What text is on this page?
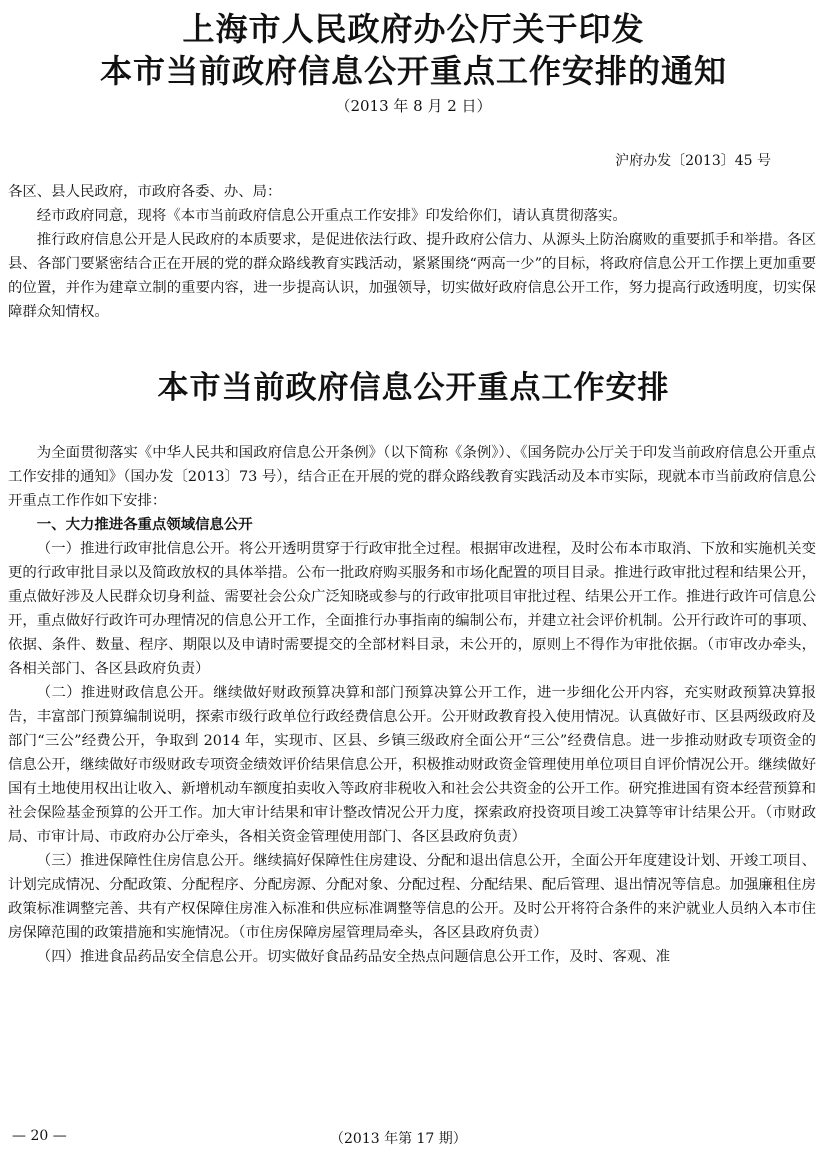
上海市人民政府办公厅关于印发
本市当前政府信息公开重点工作安排的通知
（2013 年 8 月 2 日）
沪府办发〔2013〕45 号

各区、县人民政府，市政府各委、办、局：

经市政府同意，现将《本市当前政府信息公开重点工作安排》印发给你们，请认真贯彻落实。

推行政府信息公开是人民政府的本质要求，是促进依法行政、提升政府公信力、从源头上防治腐败的重要抓手和举措。各区县、各部门要紧密结合正在开展的党的群众路线教育实践活动，紧紧围绕“两高一少”的目标，将政府信息公开工作摆上更加重要的位置，并作为建章立制的重要内容，进一步提高认识，加强领导，切实做好政府信息公开工作，努力提高行政透明度，切实保障群众知情权。

本市当前政府信息公开重点工作安排

为全面贯彻落实《中华人民共和国政府信息公开条例》（以下简称《条例》）、《国务院办公厅关于印发当前政府信息公开重点工作安排的通知》（国办发〔2013〕73 号），结合正在开展的党的群众路线教育实践活动及本市实际，现就本市当前政府信息公开重点工作作如下安排：

一、大力推进各重点领域信息公开

（一）推进行政审批信息公开。将公开透明贯穿于行政审批全过程。根据审改进程，及时公布本市取消、下放和实施机关变更的行政审批目录以及简政放权的具体举措。公布一批政府购买服务和市场化配置的项目目录。推进行政审批过程和结果公开，重点做好涉及人民群众切身利益、需要社会公众广泛知晓或参与的行政审批项目审批过程、结果公开工作。推进行政许可信息公开，重点做好行政许可办理情况的信息公开工作，全面推行办事指南的编制公布，并建立社会评价机制。公开行政许可的事项、依据、条件、数量、程序、期限以及申请时需要提交的全部材料目录，未公开的，原则上不得作为审批依据。（市审改办牵头，各相关部门、各区县政府负责）

（二）推进财政信息公开。继续做好财政预算决算和部门预算决算公开工作，进一步细化公开内容，充实财政预算决算报告，丰富部门预算编制说明，探索市级行政单位行政经费信息公开。公开财政教育投入使用情况。认真做好市、区县两级政府及部门“三公”经费公开，争取到 2014 年，实现市、区县、乡镇三级政府全面公开“三公”经费信息。进一步推动财政专项资金的信息公开，继续做好市级财政专项资金绩效评价结果信息公开，积极推动财政资金管理使用单位项目自评价情况公开。继续做好国有土地使用权出让收入、新增机动车额度拍卖收入等政府非税收入和社会公共资金的公开工作。研究推进国有资本经营预算和社会保险基金预算的公开工作。加大审计结果和审计整改情况公开力度，探索政府投资项目竣工决算等审计结果公开。（市财政局、市审计局、市政府办公厅牵头，各相关资金管理使用部门、各区县政府负责）

（三）推进保障性住房信息公开。继续搞好保障性住房建设、分配和退出信息公开，全面公开年度建设计划、开竣工项目、计划完成情况、分配政策、分配程序、分配房源、分配对象、分配过程、分配结果、配后管理、退出情况等信息。加强廉租住房政策标准调整完善、共有产权保障住房准入标准和供应标准调整等信息的公开。及时公开将符合条件的来沪就业人员纳入本市住房保障范围的政策措施和实施情况。（市住房保障房屋管理局牵头，各区县政府负责）

（四）推进食品药品安全信息公开。切实做好食品药品安全热点问题信息公开工作，及时、客观、准

— 20 —	（2013 年第 17 期）
